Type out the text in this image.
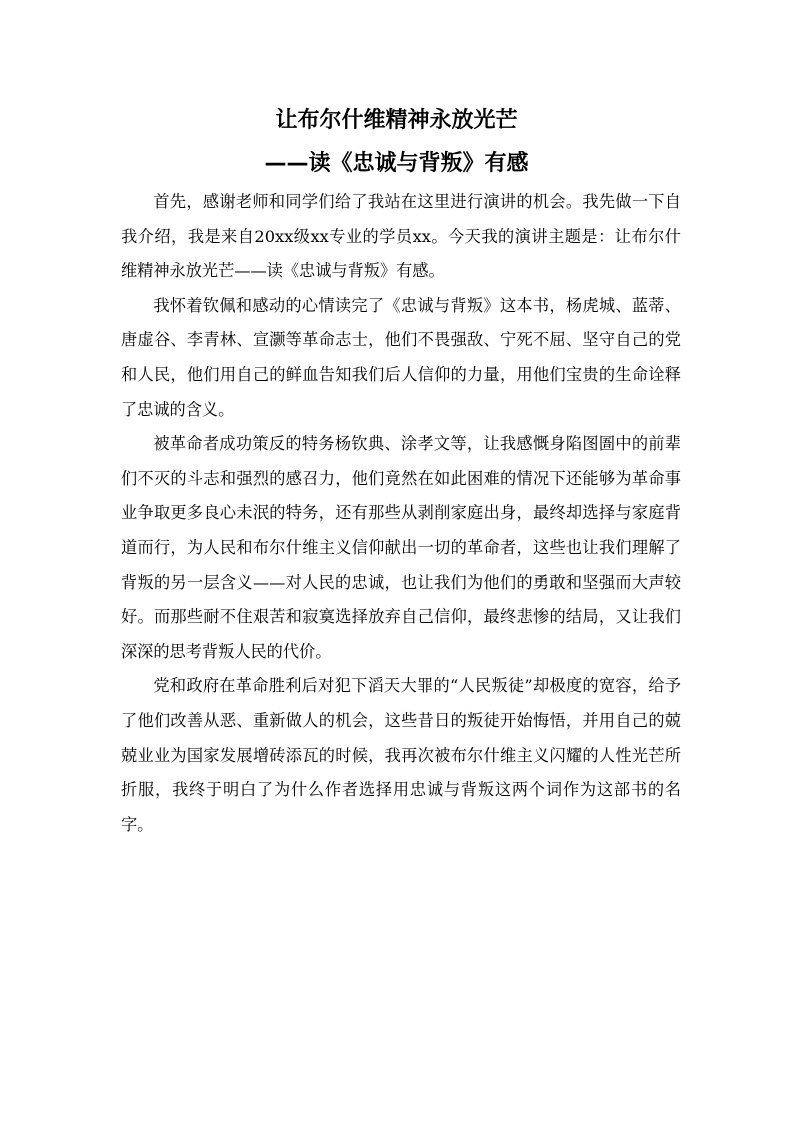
让布尔什维精神永放光芒
——读《忠诚与背叛》有感

首先，感谢老师和同学们给了我站在这里进行演讲的机会。我先做一下自我介绍，我是来自20xx级xx专业的学员xx。今天我的演讲主题是：让布尔什维精神永放光芒——读《忠诚与背叛》有感。

我怀着钦佩和感动的心情读完了《忠诚与背叛》这本书，杨虎城、蓝蒂、唐虚谷、李青林、宣灏等革命志士，他们不畏强敌、宁死不屈、坚守自己的党和人民，他们用自己的鲜血告知我们后人信仰的力量，用他们宝贵的生命诠释了忠诚的含义。

被革命者成功策反的特务杨钦典、涂孝文等，让我感慨身陷图圄中的前辈们不灭的斗志和强烈的感召力，他们竟然在如此困难的情况下还能够为革命事业争取更多良心未泯的特务，还有那些从剥削家庭出身，最终却选择与家庭背道而行，为人民和布尔什维主义信仰献出一切的革命者，这些也让我们理解了背叛的另一层含义——对人民的忠诚，也让我们为他们的勇敢和坚强而大声较好。而那些耐不住艰苦和寂寞选择放弃自己信仰，最终悲惨的结局，又让我们深深的思考背叛人民的代价。

党和政府在革命胜利后对犯下滔天大罪的“人民叛徒”却极度的宽容，给予了他们改善从恶、重新做人的机会，这些昔日的叛徒开始悔悟，并用自己的兢兢业业为国家发展增砖添瓦的时候，我再次被布尔什维主义闪耀的人性光芒所折服，我终于明白了为什么作者选择用忠诚与背叛这两个词作为这部书的名字。
